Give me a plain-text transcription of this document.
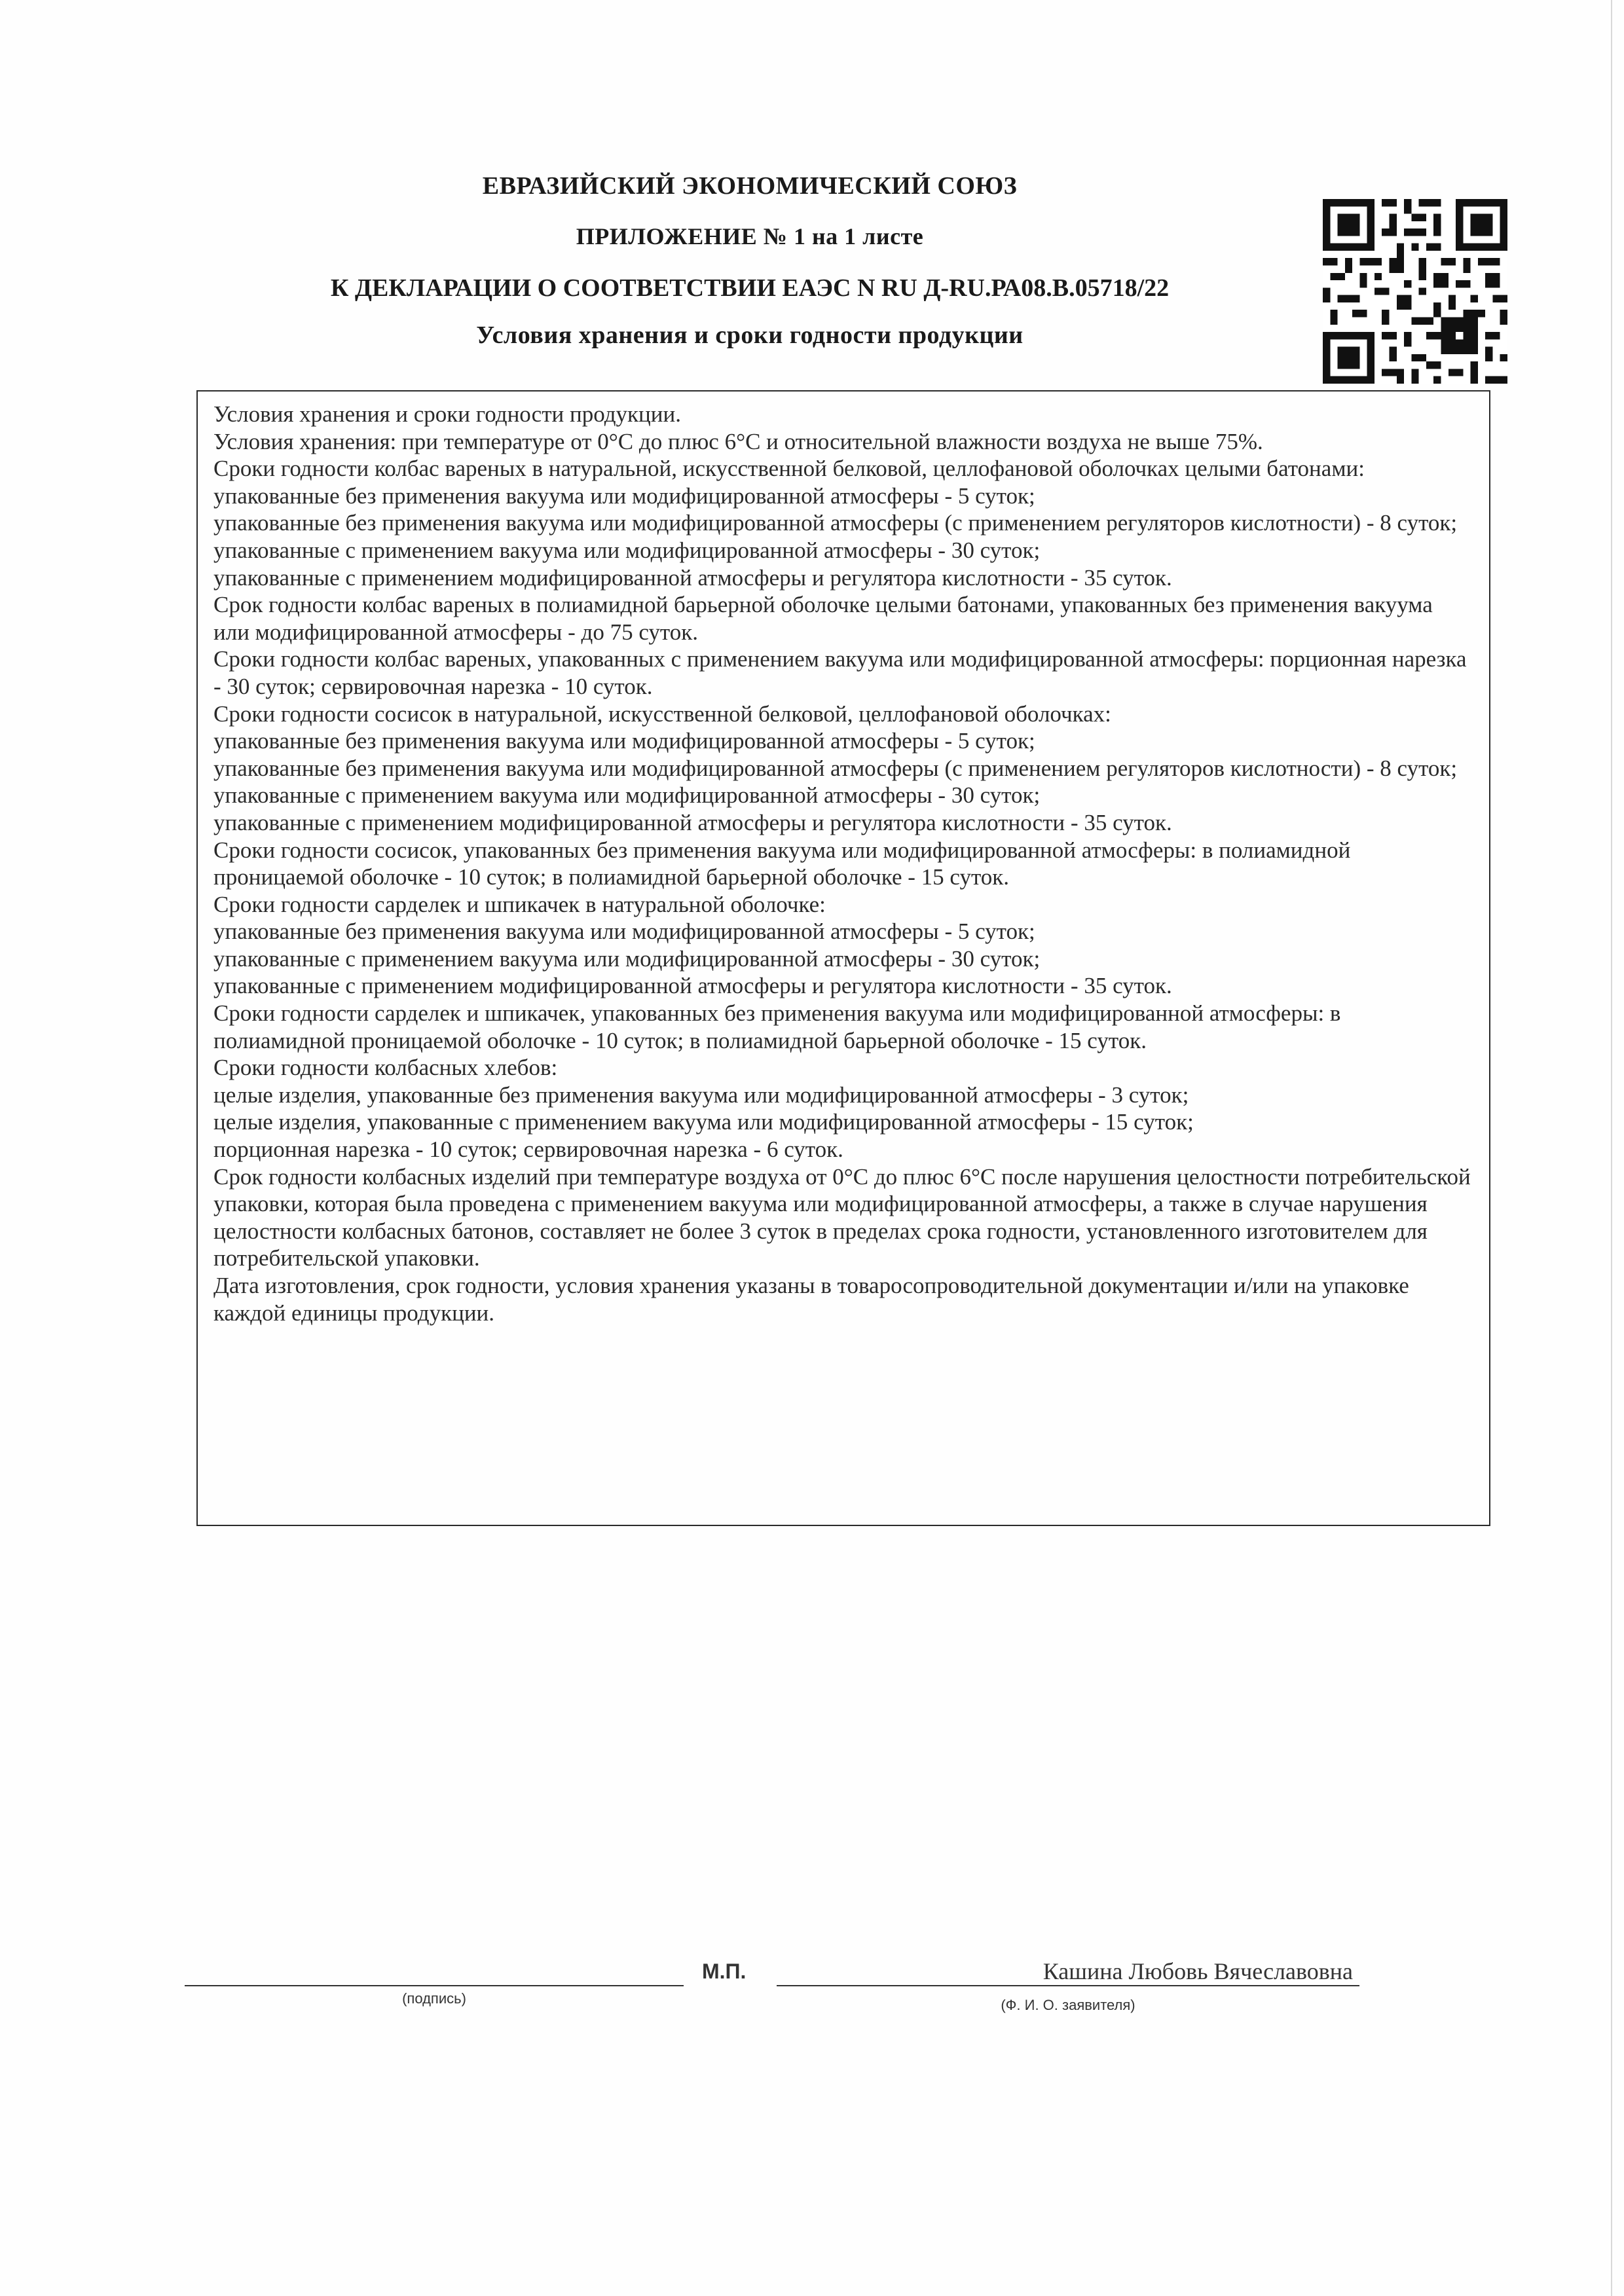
ЕВРАЗИЙСКИЙ ЭКОНОМИЧЕСКИЙ СОЮЗ
ПРИЛОЖЕНИЕ № 1 на 1 листе
К ДЕКЛАРАЦИИ О СООТВЕТСТВИИ ЕАЭС N RU Д-RU.РА08.В.05718/22
Условия хранения и сроки годности продукции

Условия хранения и сроки годности продукции.

Условия хранения: при температуре от 0°С до плюс 6°С и относительной влажности воздуха не выше 75%.

Сроки годности колбас вареных в натуральной, искусственной белковой, целлофановой оболочках целыми батонами:

упакованные без применения вакуума или модифицированной атмосферы - 5 суток;

упакованные без применения вакуума или модифицированной атмосферы (с применением регуляторов кислотности) - 8 суток;

упакованные с применением вакуума или модифицированной атмосферы - 30 суток;

упакованные с применением модифицированной атмосферы и регулятора кислотности - 35 суток.

Срок годности колбас вареных в полиамидной барьерной оболочке целыми батонами, упакованных без применения вакуума или модифицированной атмосферы - до 75 суток.

Сроки годности колбас вареных, упакованных с применением вакуума или модифицированной атмосферы: порционная нарезка - 30 суток; сервировочная нарезка - 10 суток.

Сроки годности сосисок в натуральной, искусственной белковой, целлофановой оболочках:

упакованные без применения вакуума или модифицированной атмосферы - 5 суток;

упакованные без применения вакуума или модифицированной атмосферы (с применением регуляторов кислотности) - 8 суток;

упакованные с применением вакуума или модифицированной атмосферы - 30 суток;

упакованные с применением модифицированной атмосферы и регулятора кислотности - 35 суток.

Сроки годности сосисок, упакованных без применения вакуума или модифицированной атмосферы: в полиамидной проницаемой оболочке - 10 суток; в полиамидной барьерной оболочке - 15 суток.

Сроки годности сарделек и шпикачек в натуральной оболочке:

упакованные без применения вакуума или модифицированной атмосферы - 5 суток;

упакованные с применением вакуума или модифицированной атмосферы - 30 суток;

упакованные с применением модифицированной атмосферы и регулятора кислотности - 35 суток.

Сроки годности сарделек и шпикачек, упакованных без применения вакуума или модифицированной атмосферы: в полиамидной проницаемой оболочке - 10 суток; в полиамидной барьерной оболочке - 15 суток.

Сроки годности колбасных хлебов:

целые изделия, упакованные без применения вакуума или модифицированной атмосферы - 3 суток;

целые изделия, упакованные с применением вакуума или модифицированной атмосферы - 15 суток;

порционная нарезка - 10 суток; сервировочная нарезка - 6 суток.

Срок годности колбасных изделий при температуре воздуха от 0°С до плюс 6°С после нарушения целостности потребительской упаковки, которая была проведена с применением вакуума или модифицированной атмосферы, а также в случае нарушения целостности колбасных батонов, составляет не более 3 суток в пределах срока годности, установленного изготовителем для потребительской упаковки.

Дата изготовления, срок годности, условия хранения указаны в товаросопроводительной документации и/или на упаковке каждой единицы продукции.

(подпись)
М.П.	Кашина Любовь Вячеславовна
(Ф. И. О. заявителя)
